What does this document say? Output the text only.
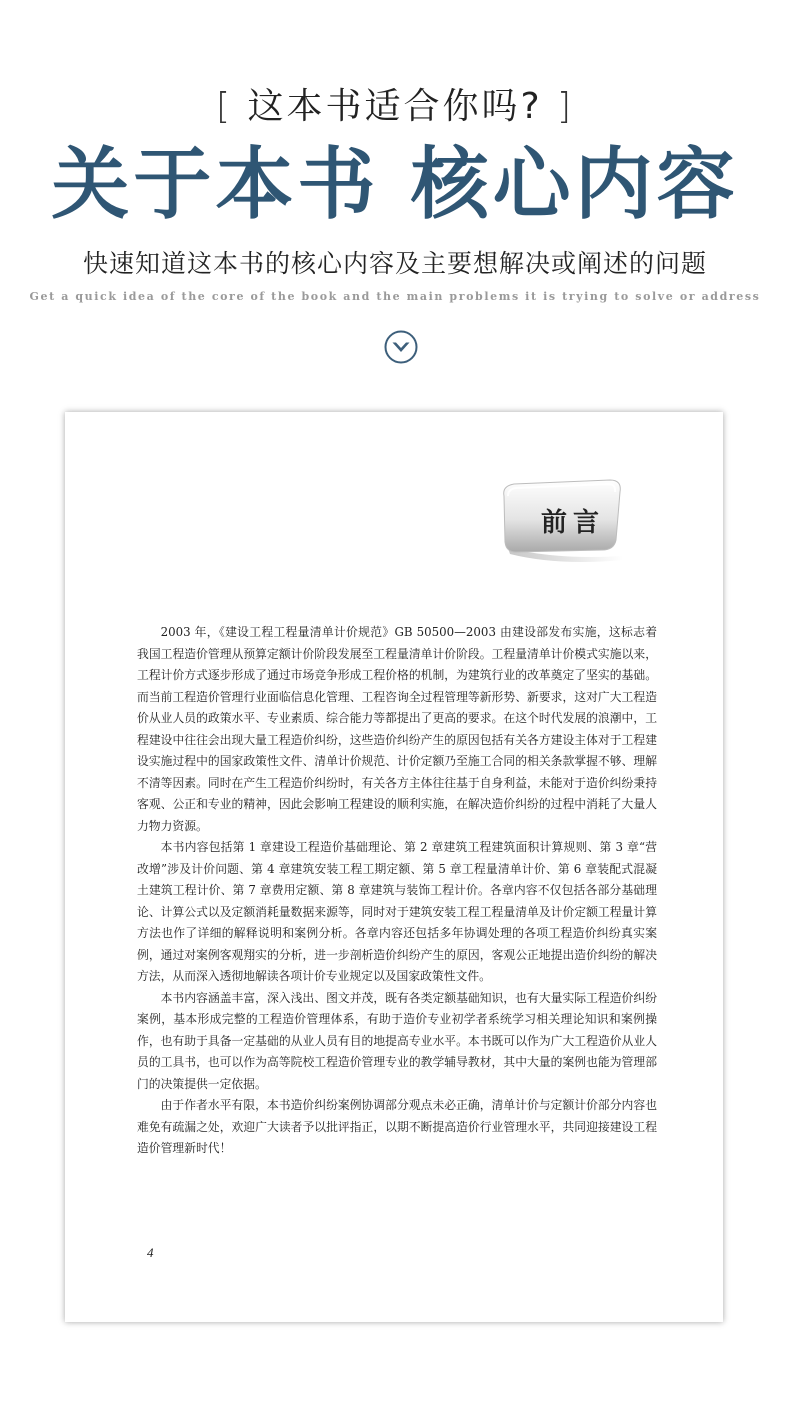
[ 这本书适合你吗? ]
关于本书 核心内容
快速知道这本书的核心内容及主要想解决或阐述的问题
Get a quick idea of the core of the book and the main problems it is trying to solve or address
前言

2003 年，《建设工程工程量清单计价规范》GB 50500—2003 由建设部发布实施，这标志着我国工程造价管理从预算定额计价阶段发展至工程量清单计价阶段。工程量清单计价模式实施以来，工程计价方式逐步形成了通过市场竞争形成工程价格的机制，为建筑行业的改革奠定了坚实的基础。而当前工程造价管理行业面临信息化管理、工程咨询全过程管理等新形势、新要求，这对广大工程造价从业人员的政策水平、专业素质、综合能力等都提出了更高的要求。在这个时代发展的浪潮中，工程建设中往往会出现大量工程造价纠纷，这些造价纠纷产生的原因包括有关各方建设主体对于工程建设实施过程中的国家政策性文件、清单计价规范、计价定额乃至施工合同的相关条款掌握不够、理解不清等因素。同时在产生工程造价纠纷时，有关各方主体往往基于自身利益，未能对于造价纠纷秉持客观、公正和专业的精神，因此会影响工程建设的顺利实施，在解决造价纠纷的过程中消耗了大量人力物力资源。

本书内容包括第 1 章建设工程造价基础理论、第 2 章建筑工程建筑面积计算规则、第 3 章“营改增”涉及计价问题、第 4 章建筑安装工程工期定额、第 5 章工程量清单计价、第 6 章装配式混凝土建筑工程计价、第 7 章费用定额、第 8 章建筑与装饰工程计价。各章内容不仅包括各部分基础理论、计算公式以及定额消耗量数据来源等，同时对于建筑安装工程工程量清单及计价定额工程量计算方法也作了详细的解释说明和案例分析。各章内容还包括多年协调处理的各项工程造价纠纷真实案例，通过对案例客观翔实的分析，进一步剖析造价纠纷产生的原因，客观公正地提出造价纠纷的解决方法，从而深入透彻地解读各项计价专业规定以及国家政策性文件。

本书内容涵盖丰富，深入浅出、图文并茂，既有各类定额基础知识，也有大量实际工程造价纠纷案例，基本形成完整的工程造价管理体系，有助于造价专业初学者系统学习相关理论知识和案例操作，也有助于具备一定基础的从业人员有目的地提高专业水平。本书既可以作为广大工程造价从业人员的工具书，也可以作为高等院校工程造价管理专业的教学辅导教材，其中大量的案例也能为管理部门的决策提供一定依据。

由于作者水平有限，本书造价纠纷案例协调部分观点未必正确，清单计价与定额计价部分内容也难免有疏漏之处，欢迎广大读者予以批评指正，以期不断提高造价行业管理水平，共同迎接建设工程造价管理新时代！

4
